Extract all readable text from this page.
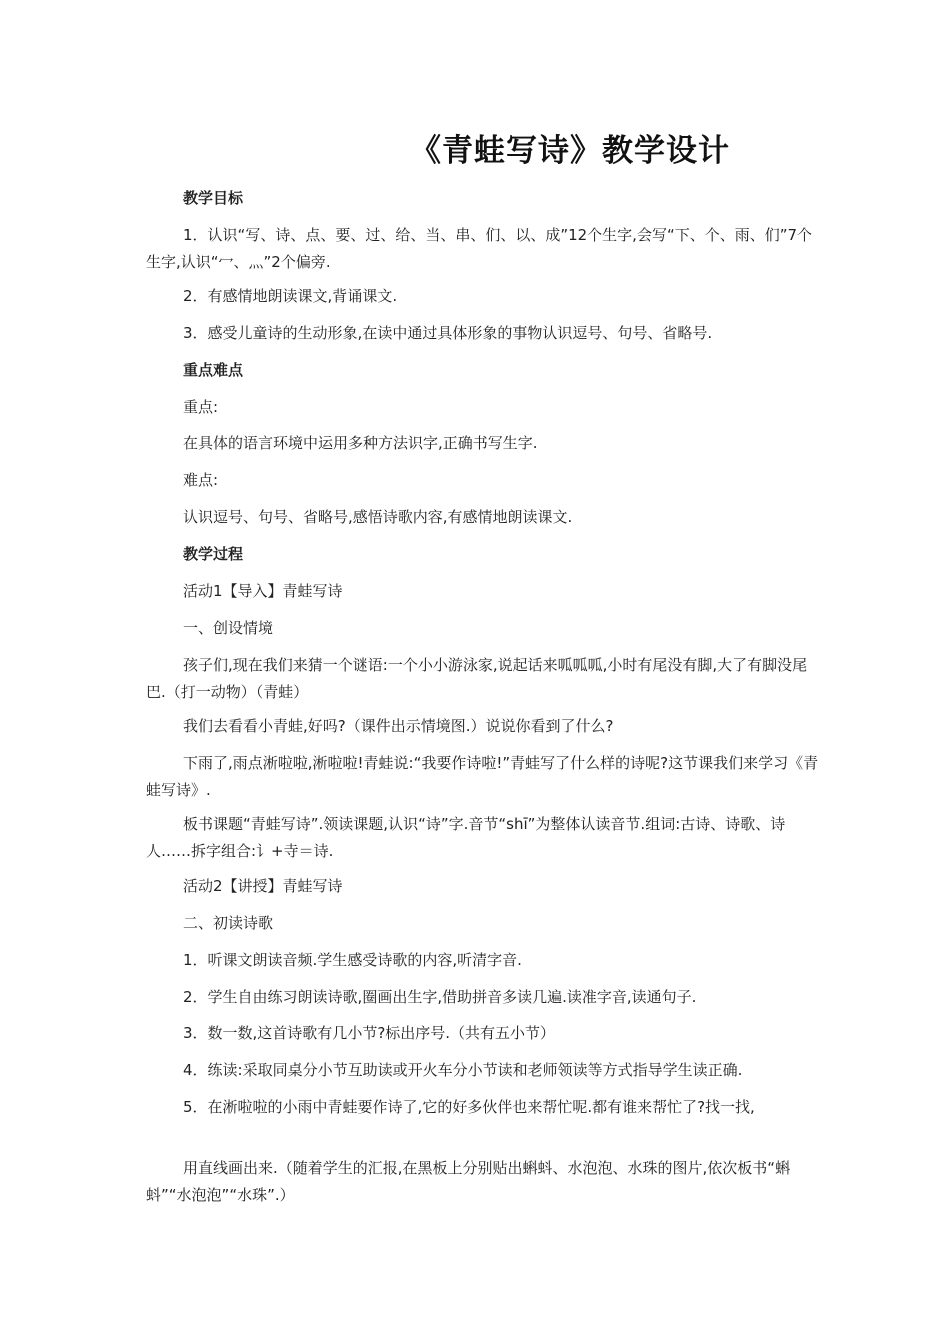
《青蛙写诗》教学设计

教学目标

1．认识“写、诗、点、要、过、给、当、串、们、以、成”12个生字,会写“下、个、雨、们”7个生字,认识“冖、灬”2个偏旁.

2．有感情地朗读课文,背诵课文.

3．感受儿童诗的生动形象,在读中通过具体形象的事物认识逗号、句号、省略号.

重点难点

重点:

在具体的语言环境中运用多种方法识字,正确书写生字.

难点:

认识逗号、句号、省略号,感悟诗歌内容,有感情地朗读课文.

教学过程

活动1【导入】青蛙写诗

一、创设情境

孩子们,现在我们来猜一个谜语:一个小小游泳家,说起话来呱呱呱,小时有尾没有脚,大了有脚没尾巴.（打一动物）（青蛙）

我们去看看小青蛙,好吗?（课件出示情境图.）说说你看到了什么?

下雨了,雨点淅啦啦,淅啦啦!青蛙说:“我要作诗啦!”青蛙写了什么样的诗呢?这节课我们来学习《青蛙写诗》.

板书课题“青蛙写诗”.领读课题,认识“诗”字.音节“shī”为整体认读音节.组词:古诗、诗歌、诗人……拆字组合:讠+寺＝诗.

活动2【讲授】青蛙写诗

二、初读诗歌

1．听课文朗读音频.学生感受诗歌的内容,听清字音.

2．学生自由练习朗读诗歌,圈画出生字,借助拼音多读几遍.读准字音,读通句子.

3．数一数,这首诗歌有几小节?标出序号.（共有五小节）

4．练读:采取同桌分小节互助读或开火车分小节读和老师领读等方式指导学生读正确.

5．在淅啦啦的小雨中青蛙要作诗了,它的好多伙伴也来帮忙呢.都有谁来帮忙了?找一找,

用直线画出来.（随着学生的汇报,在黑板上分别贴出蝌蚪、水泡泡、水珠的图片,依次板书“蝌蚪”“水泡泡”“水珠”.）
